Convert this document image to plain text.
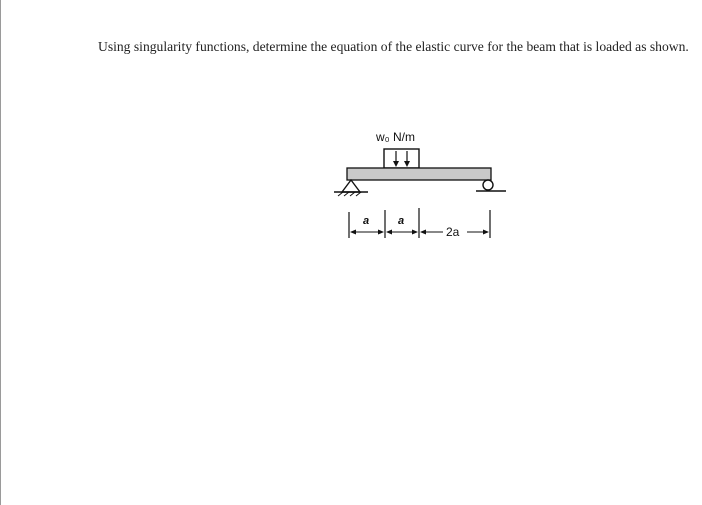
Using singularity functions, determine the equation of the elastic curve for the beam that is loaded as shown.

w₀ N/m
a	a
2a
